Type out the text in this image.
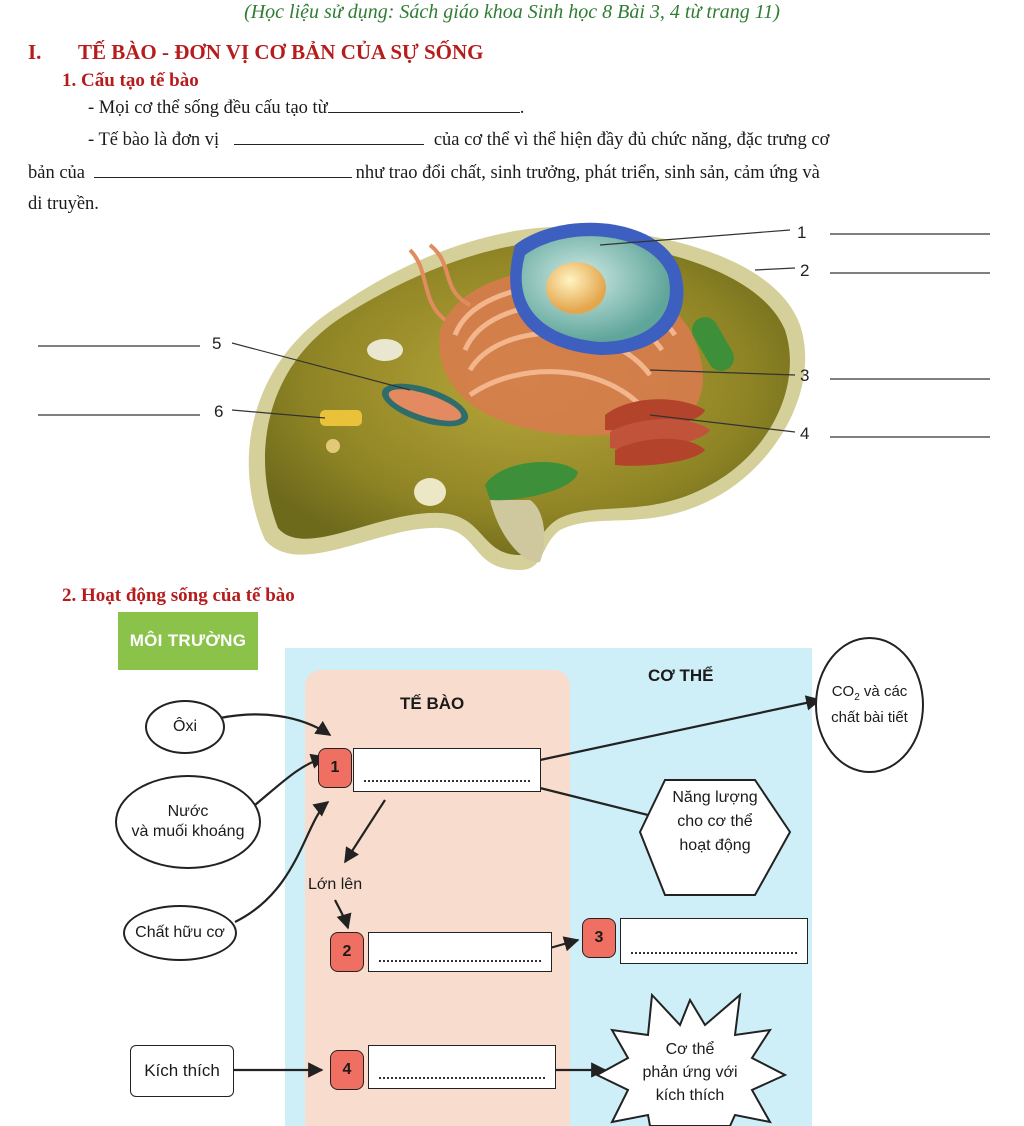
(Học liệu sử dụng: Sách giáo khoa Sinh học 8 Bài 3, 4 từ trang 11)
I. TẾ BÀO - ĐƠN VỊ CƠ BẢN CỦA SỰ SỐNG
1. Cấu tạo tế bào
- Mọi cơ thể sống đều cấu tạo từ	.
- Tế bào là đơn vị	của cơ thể vì thể hiện đầy đủ chức năng, đặc trưng cơ
bản của	như trao đổi chất, sinh trưởng, phát triển, sinh sản, cảm ứng và
di truyền.
1
2
3
4
5
6
2. Hoạt động sống của tế bào
MÔI TRƯỜNG
CƠ THỂ
TẾ BÀO
Ôxi
Nước
và muối khoáng
Chất hữu cơ
Kích thích
$CO_2$ và các
chất bài tiết
Năng lượng
cho cơ thể
hoạt động
Cơ thể
phản ứng với
kích thích
Lớn lên
1
2
3
4
